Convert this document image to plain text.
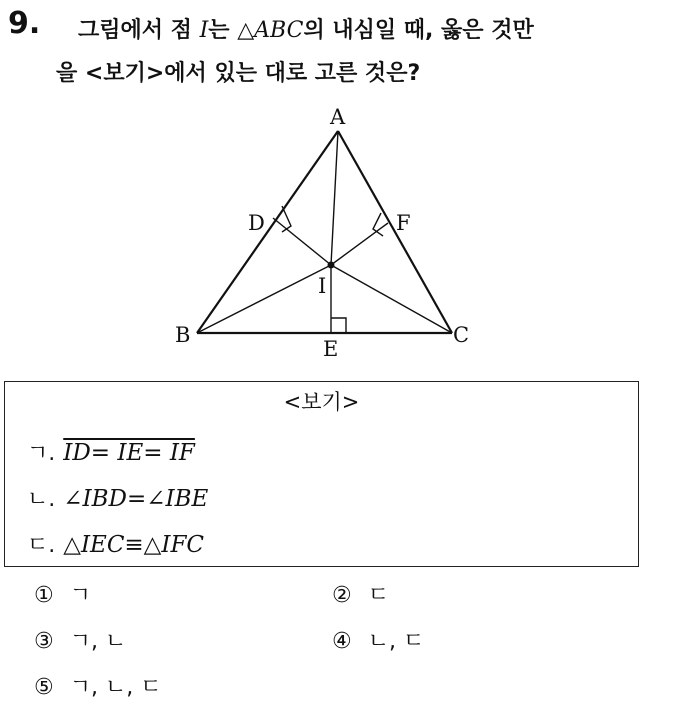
9. 그림에서 점 I는 △ABC의 내심일 때, 옳은 것만
을 <보기>에서 있는 대로 고른 것은?
A
D	F
I
B	C
E
<보기>
ㄱ. ID= IE= IF
ㄴ. ∠IBD=∠IBE
ㄷ. △IEC≡△IFC
① ㄱ	② ㄷ
③ ㄱ, ㄴ	④ ㄴ, ㄷ
⑤ ㄱ, ㄴ, ㄷ
